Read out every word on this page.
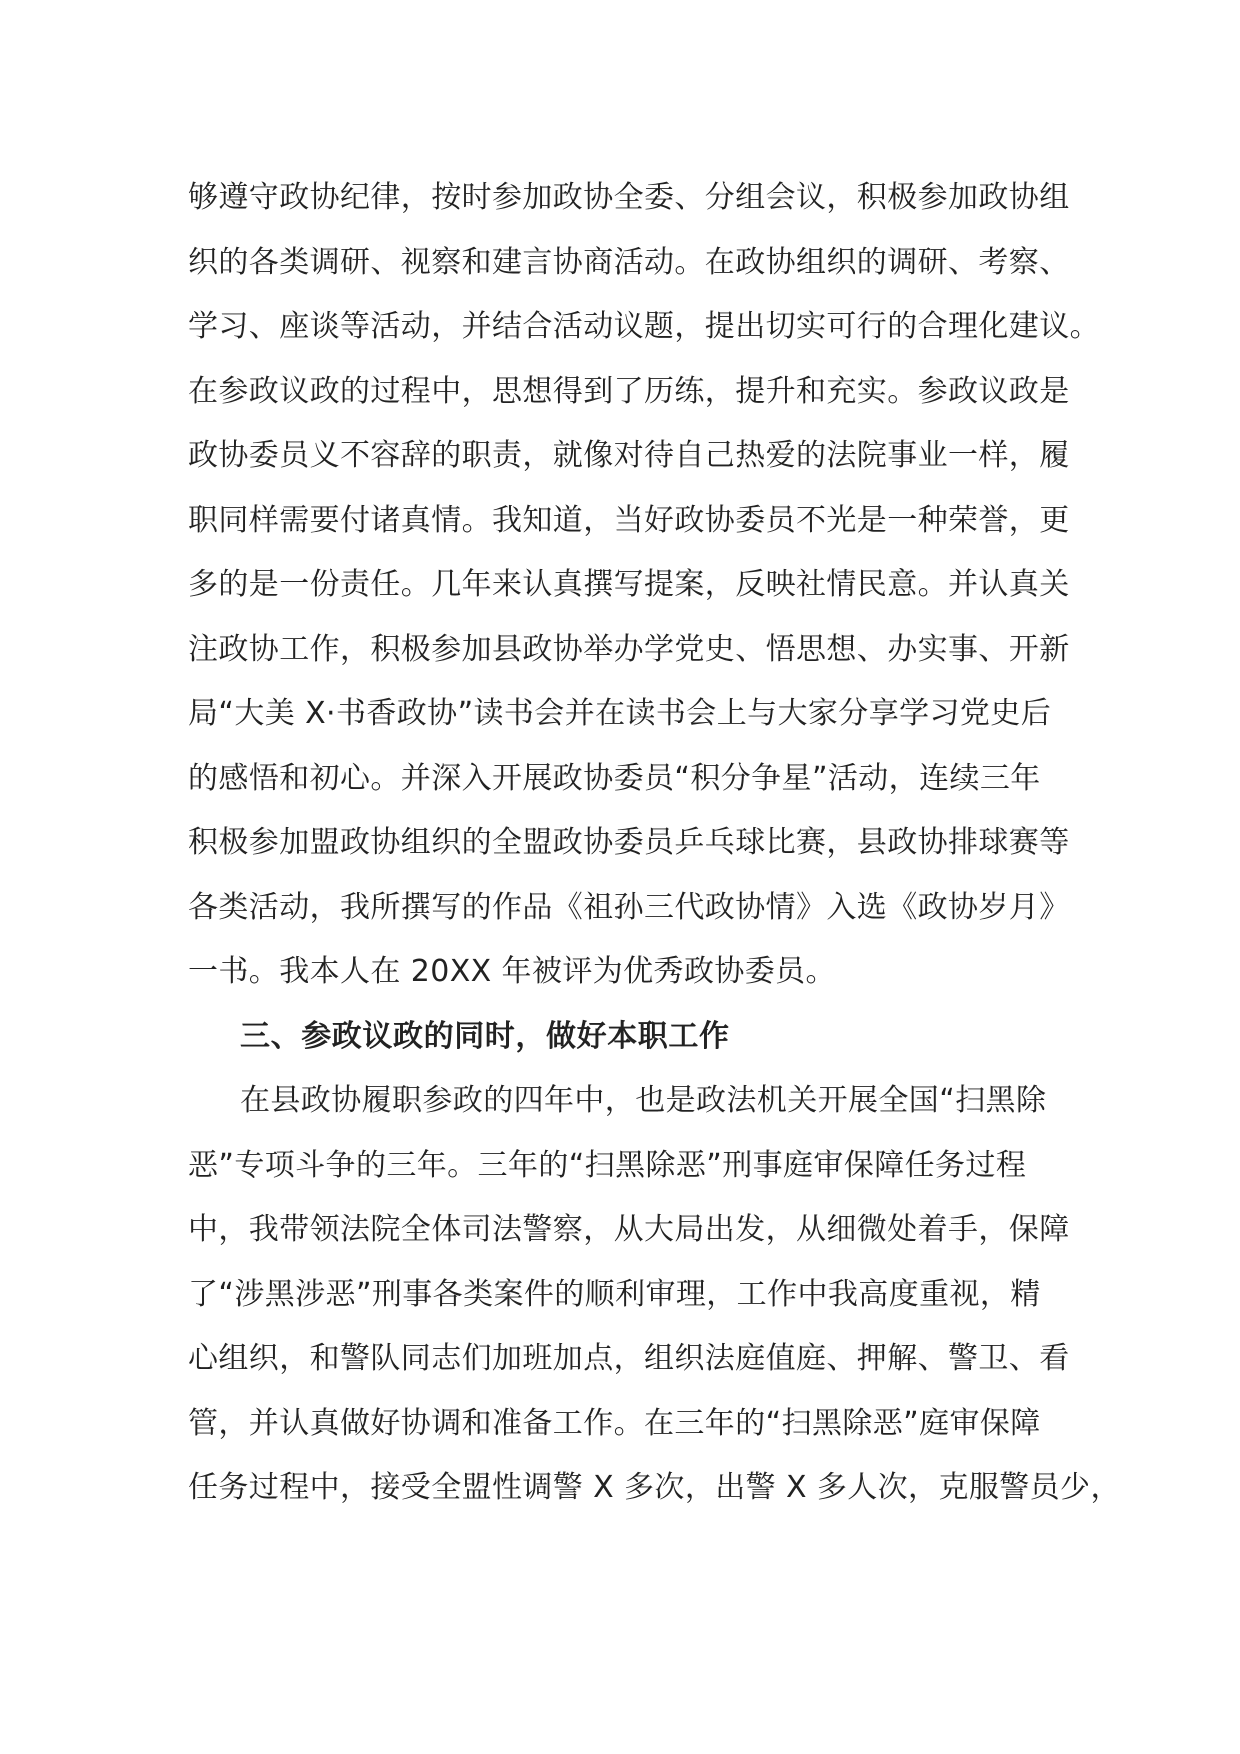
够遵守政协纪律，按时参加政协全委、分组会议，积极参加政协组
织的各类调研、视察和建言协商活动。在政协组织的调研、考察、
学习、座谈等活动，并结合活动议题，提出切实可行的合理化建议。
在参政议政的过程中，思想得到了历练，提升和充实。参政议政是
政协委员义不容辞的职责，就像对待自己热爱的法院事业一样，履
职同样需要付诸真情。我知道，当好政协委员不光是一种荣誉，更
多的是一份责任。几年来认真撰写提案，反映社情民意。并认真关
注政协工作，积极参加县政协举办学党史、悟思想、办实事、开新
局“大美 X·书香政协”读书会并在读书会上与大家分享学习党史后
的感悟和初心。并深入开展政协委员“积分争星”活动，连续三年
积极参加盟政协组织的全盟政协委员乒乓球比赛，县政协排球赛等
各类活动，我所撰写的作品《祖孙三代政协情》入选《政协岁月》
一书。我本人在 20XX 年被评为优秀政协委员。
三、参政议政的同时，做好本职工作
在县政协履职参政的四年中，也是政法机关开展全国“扫黑除
恶”专项斗争的三年。三年的“扫黑除恶”刑事庭审保障任务过程
中，我带领法院全体司法警察，从大局出发，从细微处着手，保障
了“涉黑涉恶”刑事各类案件的顺利审理，工作中我高度重视，精
心组织，和警队同志们加班加点，组织法庭值庭、押解、警卫、看
管，并认真做好协调和准备工作。在三年的“扫黑除恶”庭审保障
任务过程中，接受全盟性调警 X 多次，出警 X 多人次，克服警员少，
